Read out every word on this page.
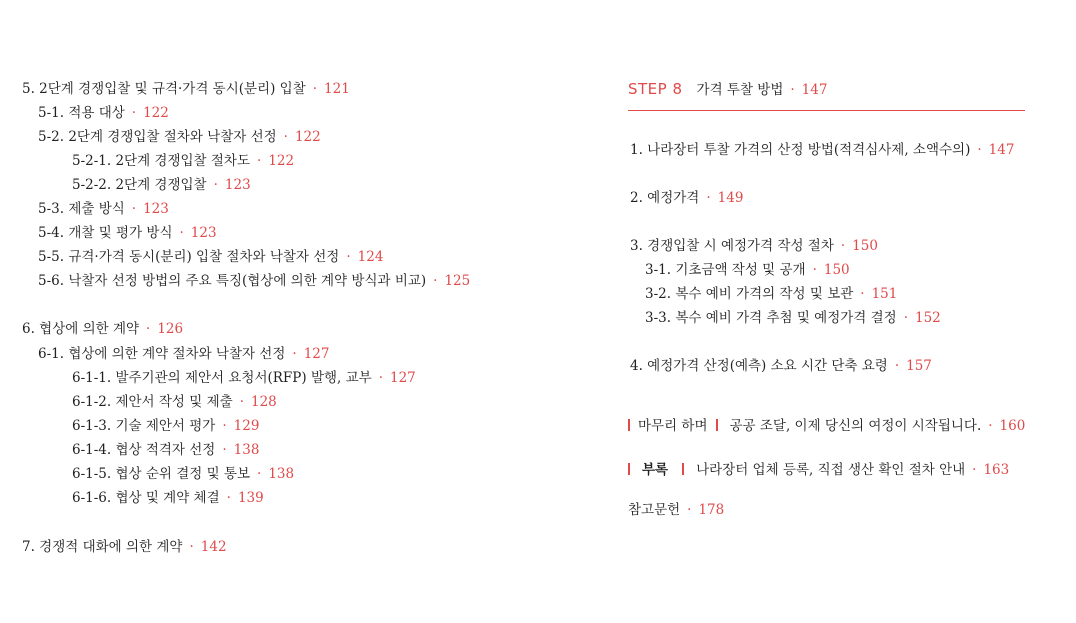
5. 2단계 경쟁입찰 및 규격·가격 동시(분리) 입찰 · 121
5-1. 적용 대상 · 122
5-2. 2단계 경쟁입찰 절차와 낙찰자 선정 · 122
5-2-1. 2단계 경쟁입찰 절차도 · 122
5-2-2. 2단계 경쟁입찰 · 123
5-3. 제출 방식 · 123
5-4. 개찰 및 평가 방식 · 123
5-5. 규격·가격 동시(분리) 입찰 절차와 낙찰자 선정 · 124
5-6. 낙찰자 선정 방법의 주요 특징(협상에 의한 계약 방식과 비교) · 125
6. 협상에 의한 계약 · 126
6-1. 협상에 의한 계약 절차와 낙찰자 선정 · 127
6-1-1. 발주기관의 제안서 요청서(RFP) 발행, 교부 · 127
6-1-2. 제안서 작성 및 제출 · 128
6-1-3. 기술 제안서 평가 · 129
6-1-4. 협상 적격자 선정 · 138
6-1-5. 협상 순위 결정 및 통보 · 138
6-1-6. 협상 및 계약 체결 · 139
7. 경쟁적 대화에 의한 계약 · 142
STEP 8 가격 투찰 방법 · 147
1. 나라장터 투찰 가격의 산정 방법(적격심사제, 소액수의) · 147
2. 예정가격 · 149
3. 경쟁입찰 시 예정가격 작성 절차 · 150
3-1. 기초금액 작성 및 공개 · 150
3-2. 복수 예비 가격의 작성 및 보관 · 151
3-3. 복수 예비 가격 추첨 및 예정가격 결정 · 152
4. 예정가격 산정(예측) 소요 시간 단축 요령 · 157
마무리 하며 공공 조달, 이제 당신의 여정이 시작됩니다. · 160
부록 나라장터 업체 등록, 직접 생산 확인 절차 안내 · 163
참고문헌 · 178
